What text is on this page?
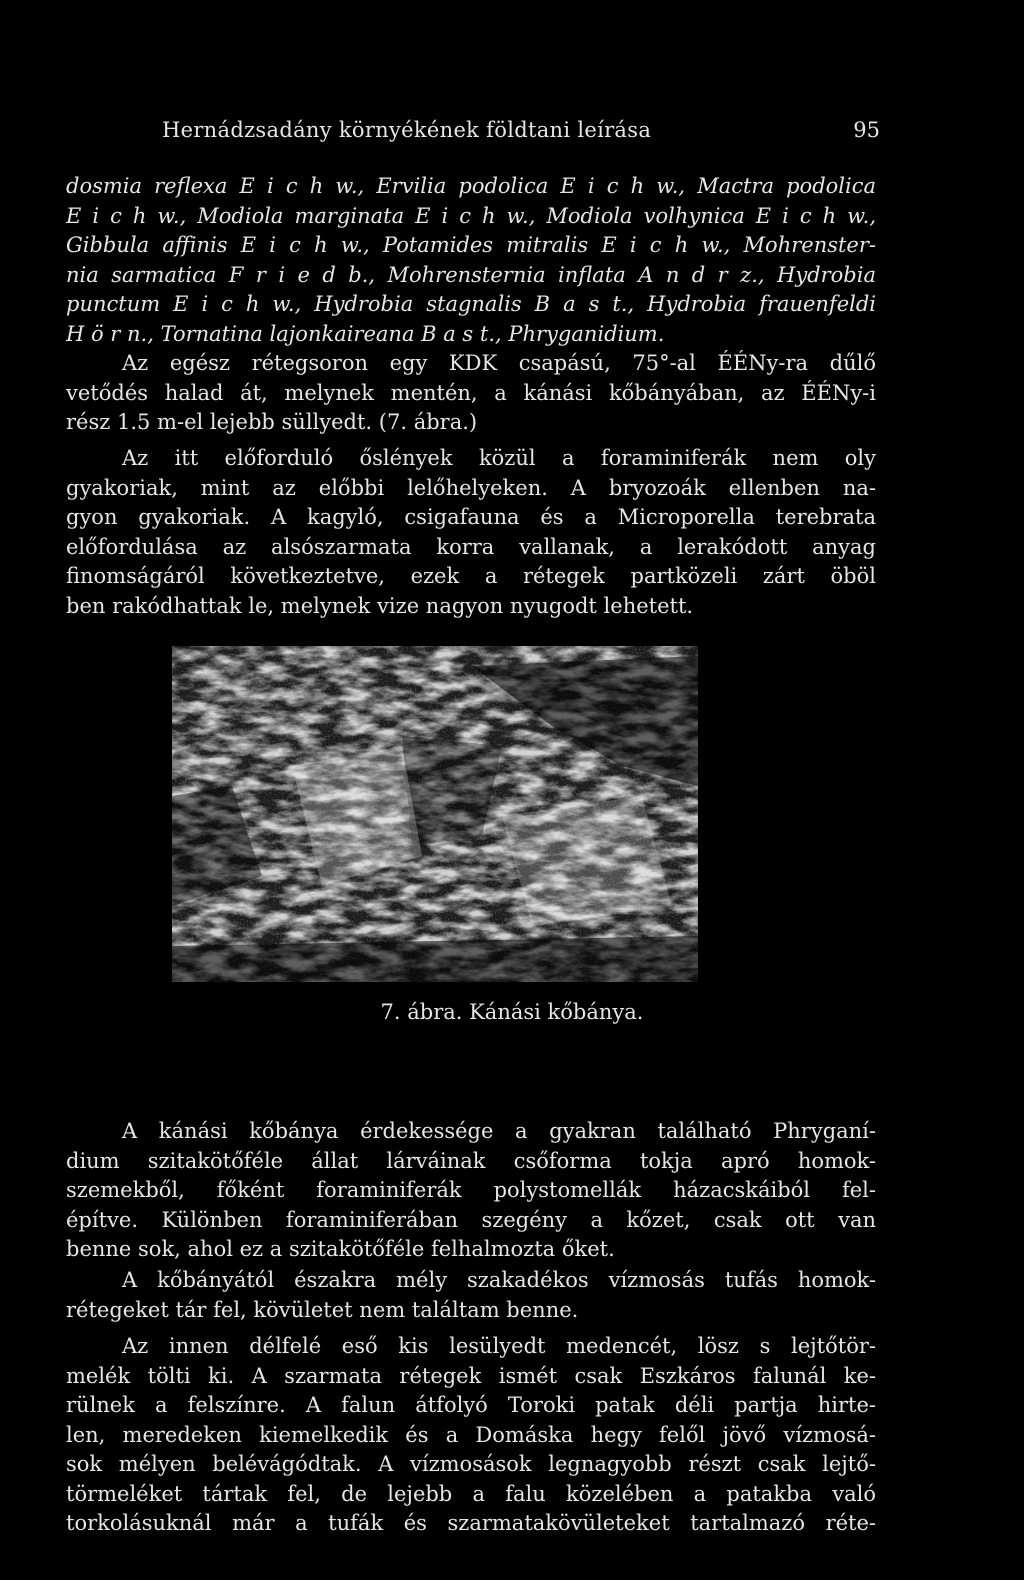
Hernádzsadány környékének földtani leírása	95
dosmia reflexa E i c h w., Ervilia podolica E i c h w., Mactra podolica
E i c h w., Modiola marginata E i c h w., Modiola volhynica E i c h w.,
Gibbula affinis E i c h w., Potamides mitralis E i c h w., Mohrenster-
nia sarmatica F r i e d b., Mohrensternia inflata A n d r z., Hydrobia
punctum E i c h w., Hydrobia stagnalis B a s t., Hydrobia frauenfeldi
H ö r n., Tornatina lajonkaireana B a s t., Phryganidium.
Az egész rétegsoron egy KDK csapású, 75°-al ÉÉNy-ra dűlő
vetődés halad át, melynek mentén, a kánási kőbányában, az ÉÉNy-i
rész 1.5 m-el lejebb süllyedt. (7. ábra.)
Az itt előforduló őslények közül a foraminiferák nem oly
gyakoriak, mint az előbbi lelőhelyeken. A bryozoák ellenben na-
gyon gyakoriak. A kagyló, csigafauna és a Microporella terebrata
előfordulása az alsószarmata korra vallanak, a lerakódott anyag
finomságáról következtetve, ezek a rétegek partközeli zárt öböl
ben rakódhattak le, melynek vize nagyon nyugodt lehetett.
7. ábra. Kánási kőbánya.
A kánási kőbánya érdekessége a gyakran található Phryganí-
dium szitakötőféle állat lárváinak csőforma tokja apró homok-
szemekből, főként foraminiferák polystomellák házacskáiból fel-
építve. Különben foraminiferában szegény a kőzet, csak ott van
benne sok, ahol ez a szitakötőféle felhalmozta őket.
A kőbányától északra mély szakadékos vízmosás tufás homok-
rétegeket tár fel, kövületet nem találtam benne.
Az innen délfelé eső kis lesülyedt medencét, lösz s lejtőtör-
melék tölti ki. A szarmata rétegek ismét csak Eszkáros falunál ke-
rülnek a felszínre. A falun átfolyó Toroki patak déli partja hirte-
len, meredeken kiemelkedik és a Domáska hegy felől jövő vízmosá-
sok mélyen belévágódtak. A vízmosások legnagyobb részt csak lejtő-
törmeléket tártak fel, de lejebb a falu közelében a patakba való
torkolásuknál már a tufák és szarmatakövületeket tartalmazó réte-
